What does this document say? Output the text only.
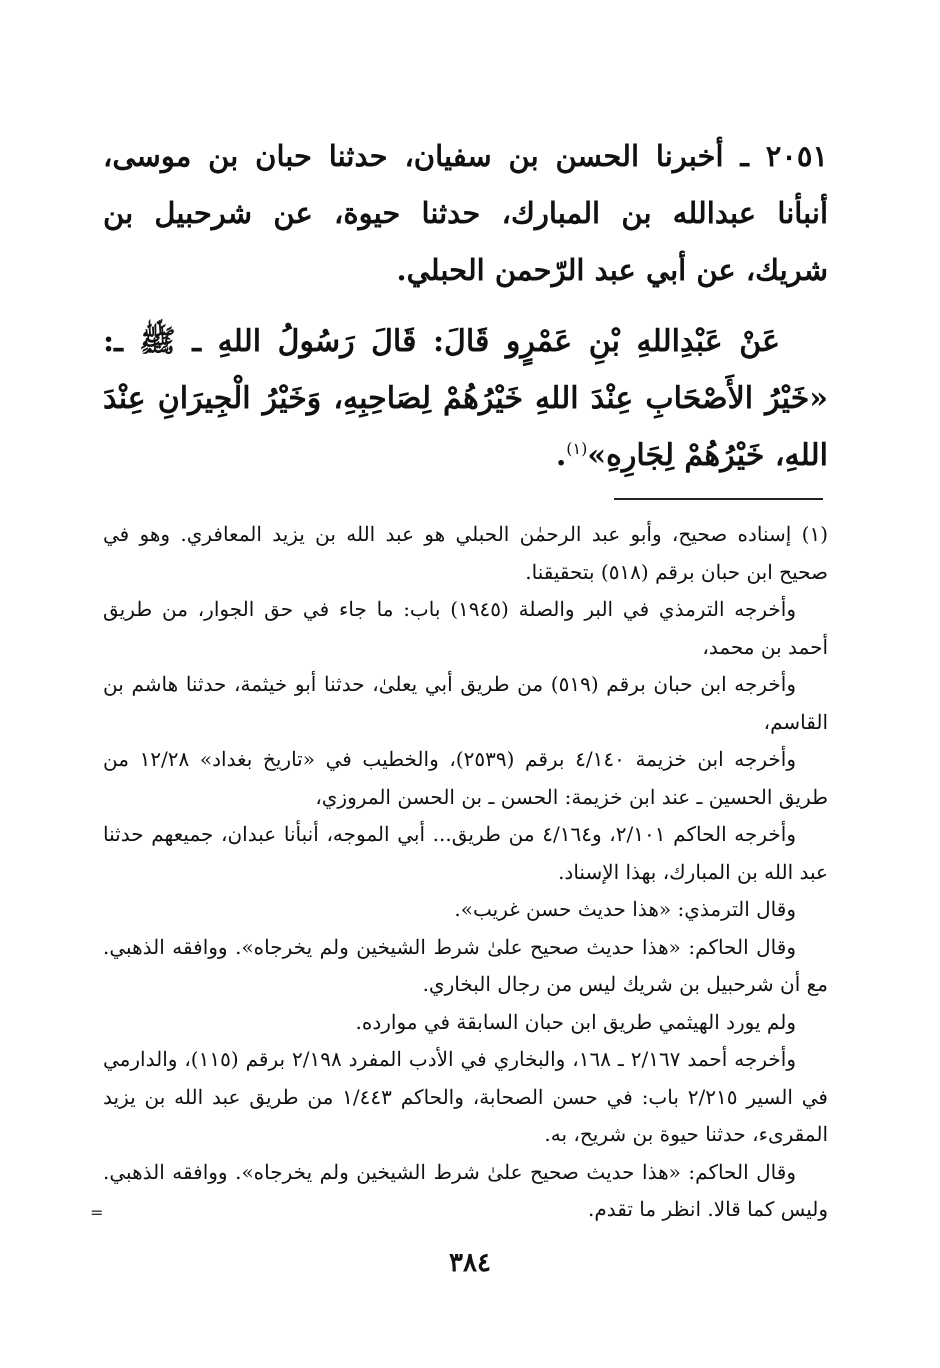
٢٠٥١ ـ أخبرنا الحسن بن سفيان، حدثنا حبان بن موسى، أنبأنا عبدالله بن المبارك، حدثنا حيوة، عن شرحبيل بن شريك، عن أبي عبد الرّحمن الحبلي.

عَنْ عَبْدِاللهِ بْنِ عَمْرٍو قَالَ: قَالَ رَسُولُ اللهِ ـ ﷺ ـ: «خَيْرُ الأَصْحَابِ عِنْدَ اللهِ خَيْرُهُمْ لِصَاحِبِهِ، وَخَيْرُ الْجِيرَانِ عِنْدَ اللهِ، خَيْرُهُمْ لِجَارِهِ»$^{(١)}$.

(١) إسناده صحيح، وأبو عبد الرحمٰن الحبلي هو عبد الله بن يزيد المعافري. وهو في صحيح ابن حبان برقم (٥١٨) بتحقيقنا.

وأخرجه الترمذي في البر والصلة (١٩٤٥) باب: ما جاء في حق الجوار، من طريق أحمد بن محمد،

وأخرجه ابن حبان برقم (٥١٩) من طريق أبي يعلىٰ، حدثنا أبو خيثمة، حدثنا هاشم بن القاسم،

وأخرجه ابن خزيمة ٤/١٤٠ برقم (٢٥٣٩)، والخطيب في «تاريخ بغداد» ١٢/٢٨ من طريق الحسين ـ عند ابن خزيمة: الحسن ـ بن الحسن المروزي،

وأخرجه الحاكم ٢/١٠١، و٤/١٦٤ من طريق... أبي الموجه، أنبأنا عبدان، جميعهم حدثنا عبد الله بن المبارك، بهذا الإسناد.

وقال الترمذي: «هذا حديث حسن غريب».

وقال الحاكم: «هذا حديث صحيح علىٰ شرط الشيخين ولم يخرجاه». ووافقه الذهبي. مع أن شرحبيل بن شريك ليس من رجال البخاري.

ولم يورد الهيثمي طريق ابن حبان السابقة في موارده.

وأخرجه أحمد ٢/١٦٧ ـ ١٦٨، والبخاري في الأدب المفرد ٢/١٩٨ برقم (١١٥)، والدارمي في السير ٢/٢١٥ باب: في حسن الصحابة، والحاكم ١/٤٤٣ من طريق عبد الله بن يزيد المقرىء، حدثنا حيوة بن شريح، به.

وقال الحاكم: «هذا حديث صحيح علىٰ شرط الشيخين ولم يخرجاه». ووافقه الذهبي. وليس كما قالا. انظر ما تقدم.

=
٣٨٤
